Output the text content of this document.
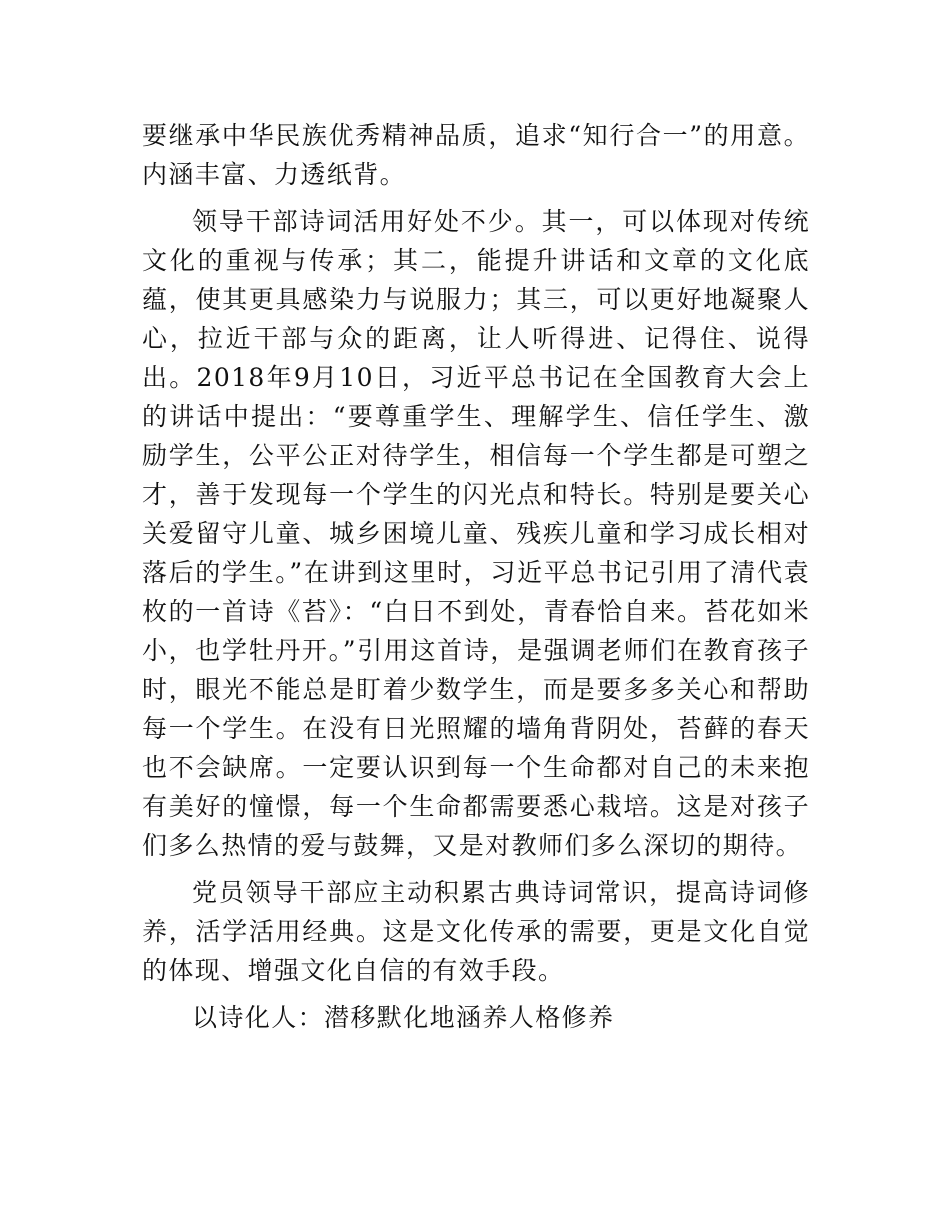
要继承中华民族优秀精神品质，追求“知行合一”的用意。内涵丰富、力透纸背。

领导干部诗词活用好处不少。其一，可以体现对传统文化的重视与传承；其二，能提升讲话和文章的文化底蕴，使其更具感染力与说服力；其三，可以更好地凝聚人心，拉近干部与众的距离，让人听得进、记得住、说得出。2018年9月10日，习近平总书记在全国教育大会上的讲话中提出：“要尊重学生、理解学生、信任学生、激励学生，公平公正对待学生，相信每一个学生都是可塑之才，善于发现每一个学生的闪光点和特长。特别是要关心关爱留守儿童、城乡困境儿童、残疾儿童和学习成长相对落后的学生。”在讲到这里时，习近平总书记引用了清代袁枚的一首诗《苔》：“白日不到处，青春恰自来。苔花如米小，也学牡丹开。”引用这首诗，是强调老师们在教育孩子时，眼光不能总是盯着少数学生，而是要多多关心和帮助每一个学生。在没有日光照耀的墙角背阴处，苔藓的春天也不会缺席。一定要认识到每一个生命都对自己的未来抱有美好的憧憬，每一个生命都需要悉心栽培。这是对孩子们多么热情的爱与鼓舞，又是对教师们多么深切的期待。

党员领导干部应主动积累古典诗词常识，提高诗词修养，活学活用经典。这是文化传承的需要，更是文化自觉的体现、增强文化自信的有效手段。

以诗化人：潜移默化地涵养人格修养
